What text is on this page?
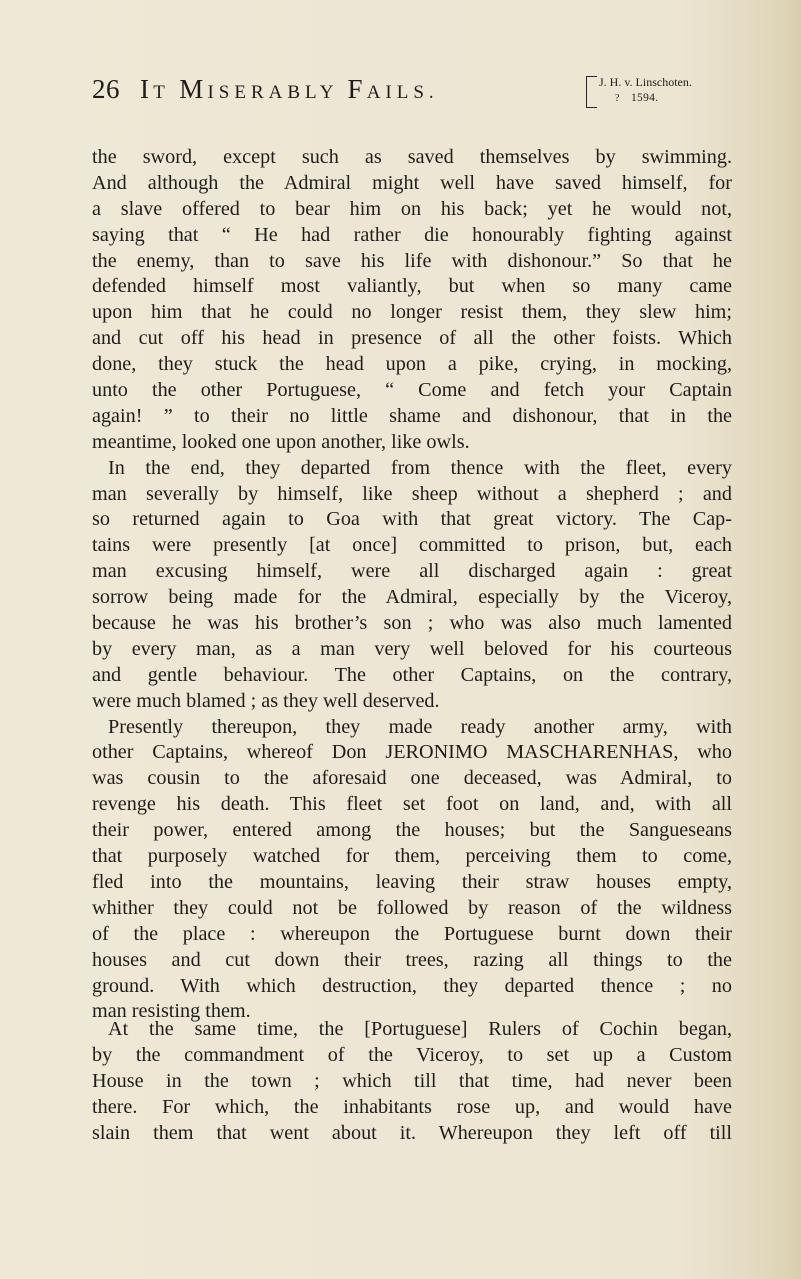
26 IT MISERABLY FAILS.	J. H. v. Linschoten.
? 1594.
the sword, except such as saved themselves by swimming.
And although the Admiral might well have saved himself, for
a slave offered to bear him on his back; yet he would not,
saying that “ He had rather die honourably fighting against
the enemy, than to save his life with dishonour.” So that he
defended himself most valiantly, but when so many came
upon him that he could no longer resist them, they slew him;
and cut off his head in presence of all the other foists. Which
done, they stuck the head upon a pike, crying, in mocking,
unto the other Portuguese, “ Come and fetch your Captain
again! ” to their no little shame and dishonour, that in the
meantime, looked one upon another, like owls.
In the end, they departed from thence with the fleet, every
man severally by himself, like sheep without a shepherd ; and
so returned again to Goa with that great victory. The Cap-
tains were presently [at once] committed to prison, but, each
man excusing himself, were all discharged again : great
sorrow being made for the Admiral, especially by the Viceroy,
because he was his brother’s son ; who was also much lamented
by every man, as a man very well beloved for his courteous
and gentle behaviour. The other Captains, on the contrary,
were much blamed ; as they well deserved.
Presently thereupon, they made ready another army, with
other Captains, whereof Don JERONIMO MASCHARENHAS, who
was cousin to the aforesaid one deceased, was Admiral, to
revenge his death. This fleet set foot on land, and, with all
their power, entered among the houses; but the Sangueseans
that purposely watched for them, perceiving them to come,
fled into the mountains, leaving their straw houses empty,
whither they could not be followed by reason of the wildness
of the place : whereupon the Portuguese burnt down their
houses and cut down their trees, razing all things to the
ground. With which destruction, they departed thence ; no
man resisting them.
At the same time, the [Portuguese] Rulers of Cochin began,
by the commandment of the Viceroy, to set up a Custom
House in the town ; which till that time, had never been
there. For which, the inhabitants rose up, and would have
slain them that went about it. Whereupon they left off till
